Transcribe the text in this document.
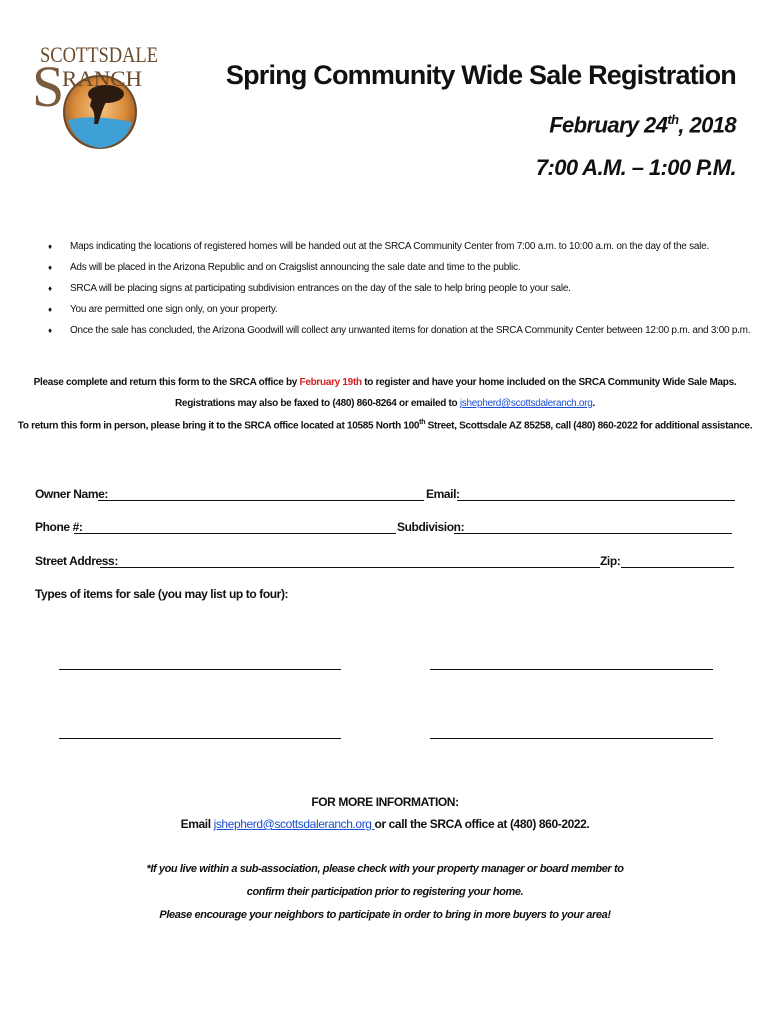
SCOTTSDALE
RANCH
S	Spring Community Wide Sale Registration
February 24th, 2018
7:00 A.M. – 1:00 P.M.
♦ Maps indicating the locations of registered homes will be handed out at the SRCA Community Center from 7:00 a.m. to 10:00 a.m. on the day of the sale.
♦ Ads will be placed in the Arizona Republic and on Craigslist announcing the sale date and time to the public.
♦ SRCA will be placing signs at participating subdivision entrances on the day of the sale to help bring people to your sale.
♦ You are permitted one sign only, on your property.
♦ Once the sale has concluded, the Arizona Goodwill will collect any unwanted items for donation at the SRCA Community Center between 12:00 p.m. and 3:00 p.m.
Please complete and return this form to the SRCA office by February 19th to register and have your home included on the SRCA Community Wide Sale Maps.
Registrations may also be faxed to (480) 860-8264 or emailed to jshepherd@scottsdaleranch.org.
To return this form in person, please bring it to the SRCA office located at 10585 North 100th Street, Scottsdale AZ 85258, call (480) 860-2022 for additional assistance.
Owner Name:	Email:
Phone #:	Subdivision:
Street Address:	Zip:
Types of items for sale (you may list up to four):
FOR MORE INFORMATION:
Email jshepherd@scottsdaleranch.org or call the SRCA office at (480) 860-2022.
*If you live within a sub-association, please check with your property manager or board member to
confirm their participation prior to registering your home.
Please encourage your neighbors to participate in order to bring in more buyers to your area!
